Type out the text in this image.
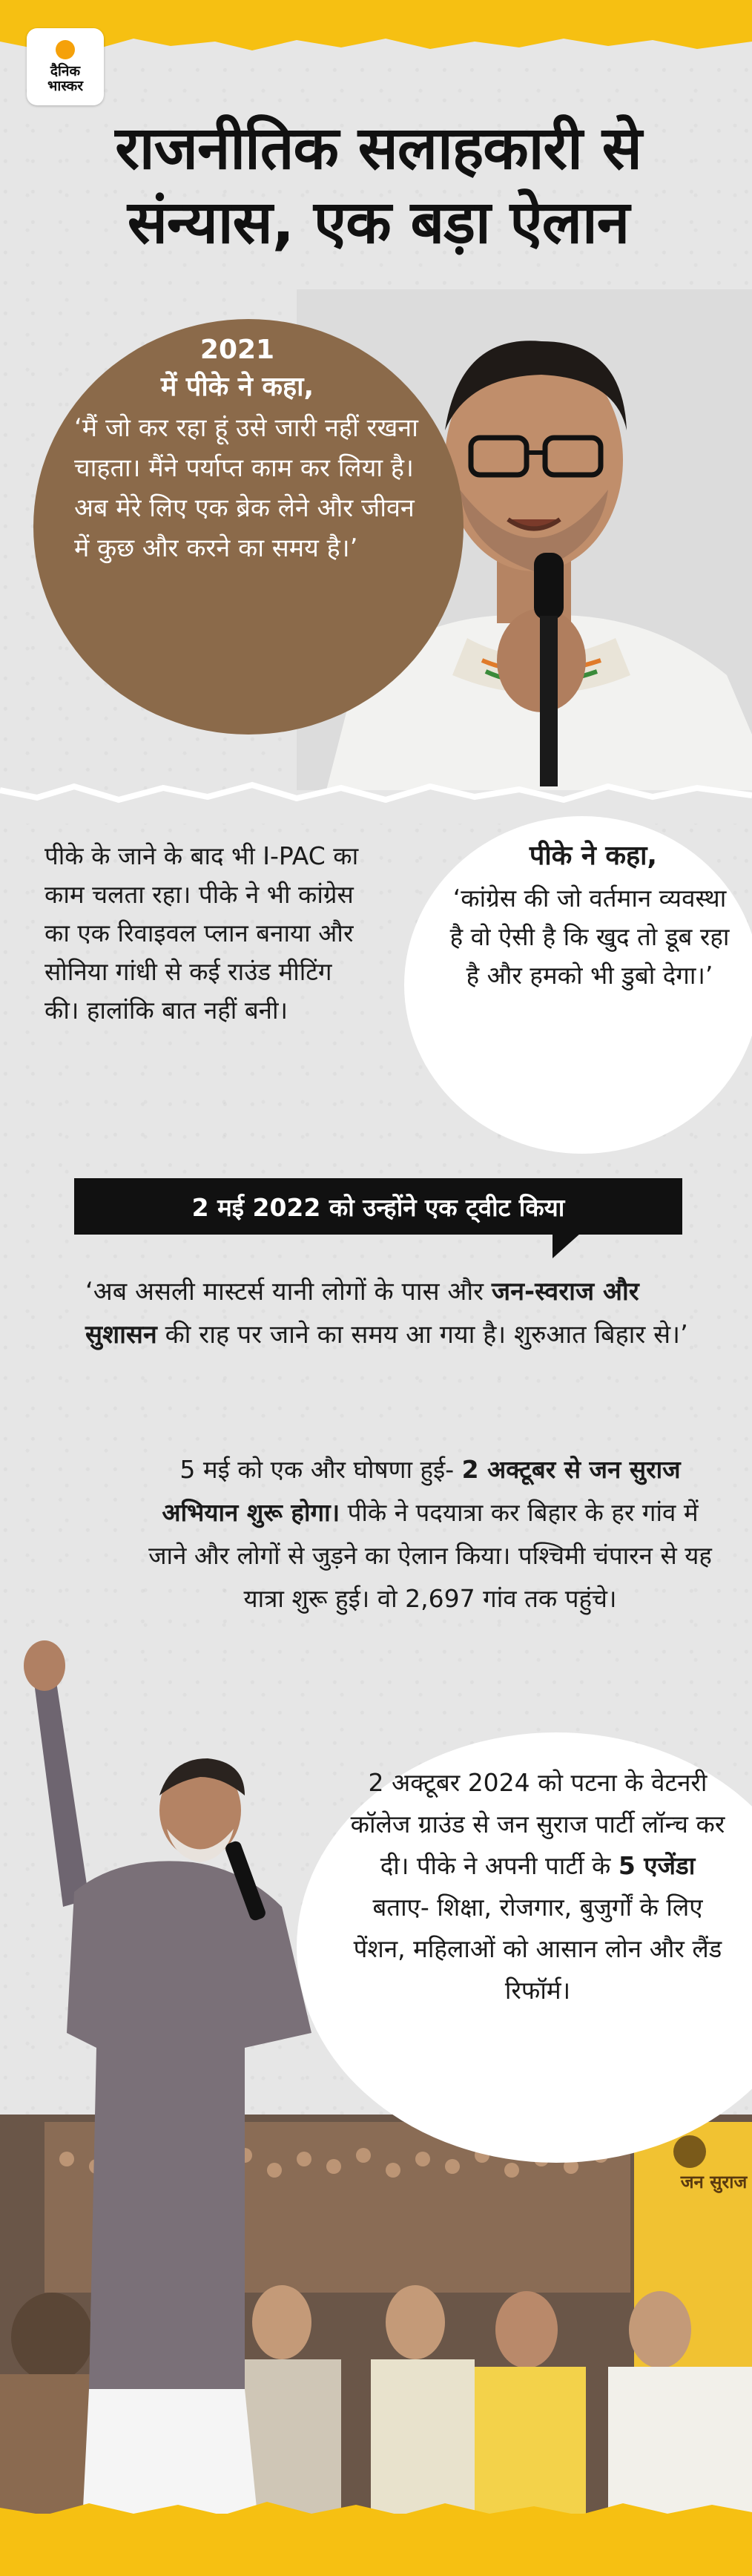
दैनिक
भास्कर
राजनीतिक सलाहकारी से
संन्यास, एक बड़ा ऐलान
2021
में पीके ने कहा,
‘मैं जो कर रहा हूं उसे जारी नहीं रखना चाहता। मैंने पर्याप्त काम कर लिया है। अब मेरे लिए एक ब्रेक लेने और जीवन में कुछ और करने का समय है।’
पीके के जाने के बाद भी I-PAC का काम चलता रहा। पीके ने भी कांग्रेस का एक रिवाइवल प्लान बनाया और सोनिया गांधी से कई राउंड मीटिंग की। हालांकि बात नहीं बनी।
पीके ने कहा,
‘कांग्रेस की जो वर्तमान व्यवस्था है वो ऐसी है कि खुद तो डूब रहा है और हमको भी डुबो देगा।’
2 मई 2022 को उन्होंने एक ट्वीट किया
‘अब असली मास्टर्स यानी लोगों के पास और जन-स्वराज और सुशासन की राह पर जाने का समय आ गया है। शुरुआत बिहार से।’
5 मई को एक और घोषणा हुई- 2 अक्टूबर से जन सुराज अभियान शुरू होगा। पीके ने पदयात्रा कर बिहार के हर गांव में जाने और लोगों से जुड़ने का ऐलान किया। पश्चिमी चंपारन से यह यात्रा शुरू हुई। वो 2,697 गांव तक पहुंचे।
2 अक्टूबर 2024 को पटना के वेटनरी कॉलेज ग्राउंड से जन सुराज पार्टी लॉन्च कर दी। पीके ने अपनी पार्टी के 5 एजेंडा बताए- शिक्षा, रोजगार, बुजुर्गों के लिए पेंशन, महिलाओं को आसान लोन और लैंड रिफॉर्म।
जन सुराज
